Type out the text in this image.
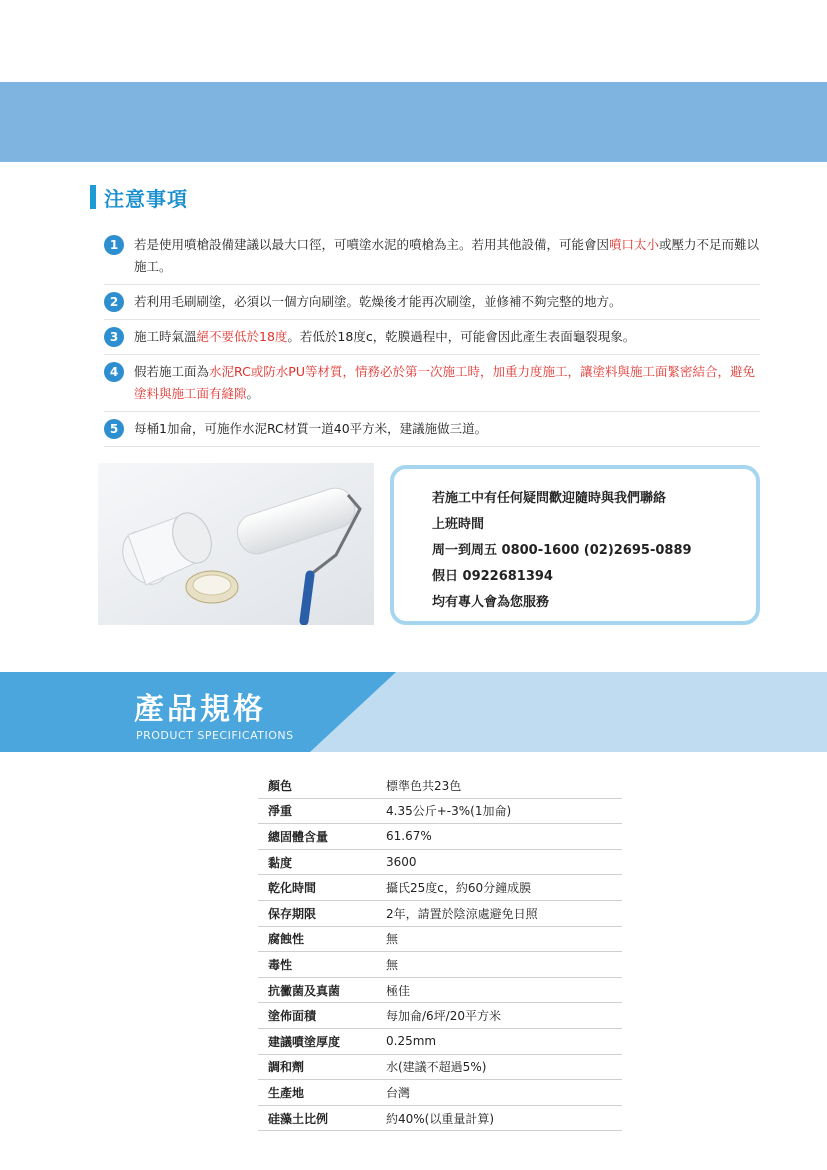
注意事項
1	若是使用噴槍設備建議以最大口徑，可噴塗水泥的噴槍為主。若用其他設備，可能會因噴口太小或壓力不足而難以施工。
2	若利用毛刷刷塗，必須以一個方向刷塗。乾燥後才能再次刷塗，並修補不夠完整的地方。
3	施工時氣溫絕不要低於18度。若低於18度c，乾膜過程中，可能會因此產生表面龜裂現象。
4	假若施工面為水泥RC或防水PU等材質，情務必於第一次施工時，加重力度施工，讓塗料與施工面緊密結合，避免塗料與施工面有縫隙。
5	每桶1加侖，可施作水泥RC材質一道40平方米，建議施做三道。
若施工中有任何疑問歡迎隨時與我們聯絡
上班時間
周一到周五 0800-1600 (02)2695-0889
假日 0922681394
均有專人會為您服務
產品規格
PRODUCT SPECIFICATIONS
顏色	標準色共23色
淨重	4.35公斤+-3%(1加侖)
總固體含量	61.67%
黏度	3600
乾化時間	攝氏25度c，約60分鐘成膜
保存期限	2年，請置於陰涼處避免日照
腐蝕性	無
毒性	無
抗黴菌及真菌	極佳
塗佈面積	每加侖/6坪/20平方米
建議噴塗厚度	0.25mm
調和劑	水(建議不超過5%)
生產地	台灣
硅藻土比例	約40%(以重量計算)
